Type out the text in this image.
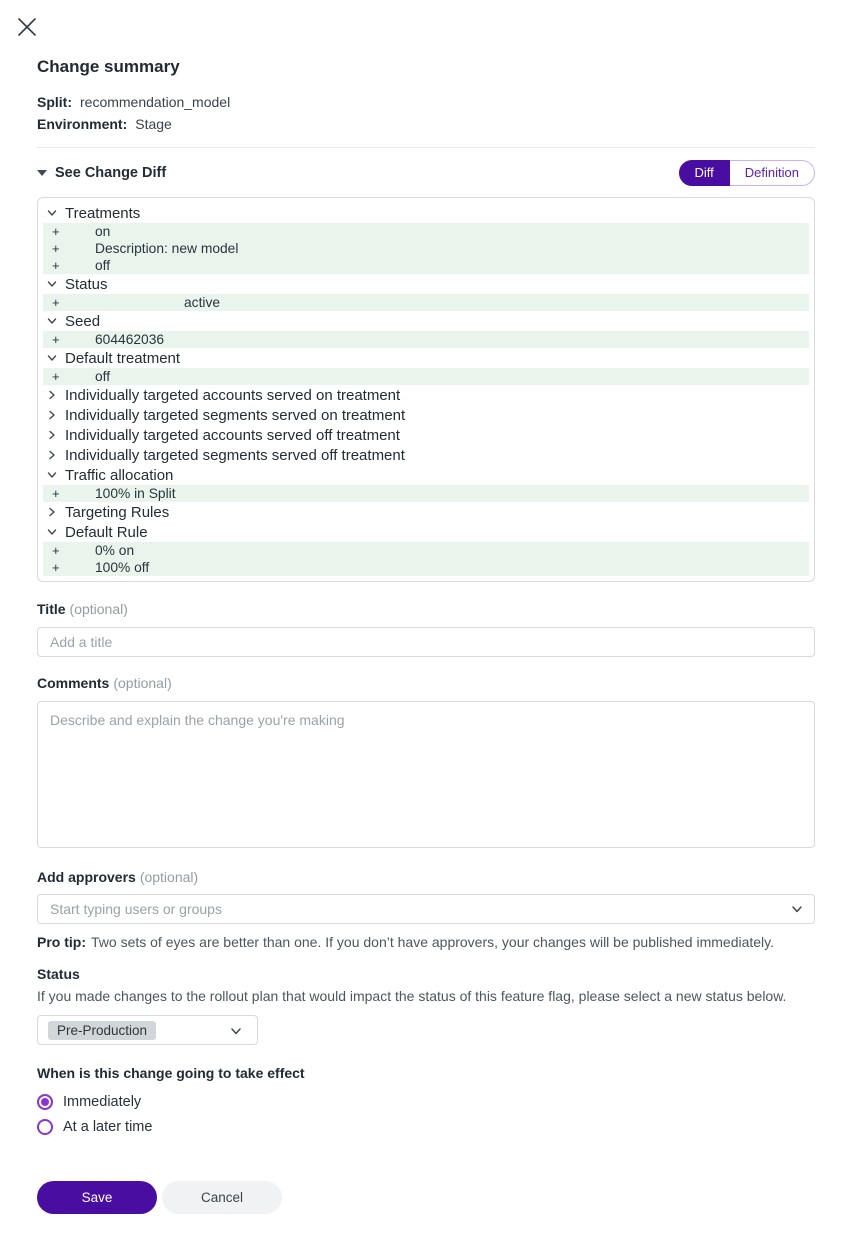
Change summary
Split: recommendation_model
Environment: Stage
See Change Diff	Diff	Definition
Treatments
+	on
+	Description: new model
+	off
Status
+	active
Seed
+	604462036
Default treatment
+	off
Individually targeted accounts served on treatment
Individually targeted segments served on treatment
Individually targeted accounts served off treatment
Individually targeted segments served off treatment
Traffic allocation
+	100% in Split
Targeting Rules
Default Rule
+	0% on
+	100% off
Title (optional)
Add a title
Comments (optional)
Describe and explain the change you're making
Add approvers (optional)
Start typing users or groups
Pro tip: Two sets of eyes are better than one. If you don’t have approvers, your changes will be published immediately.
Status
If you made changes to the rollout plan that would impact the status of this feature flag, please select a new status below.
Pre-Production
When is this change going to take effect
Immediately
At a later time
Save	Cancel
